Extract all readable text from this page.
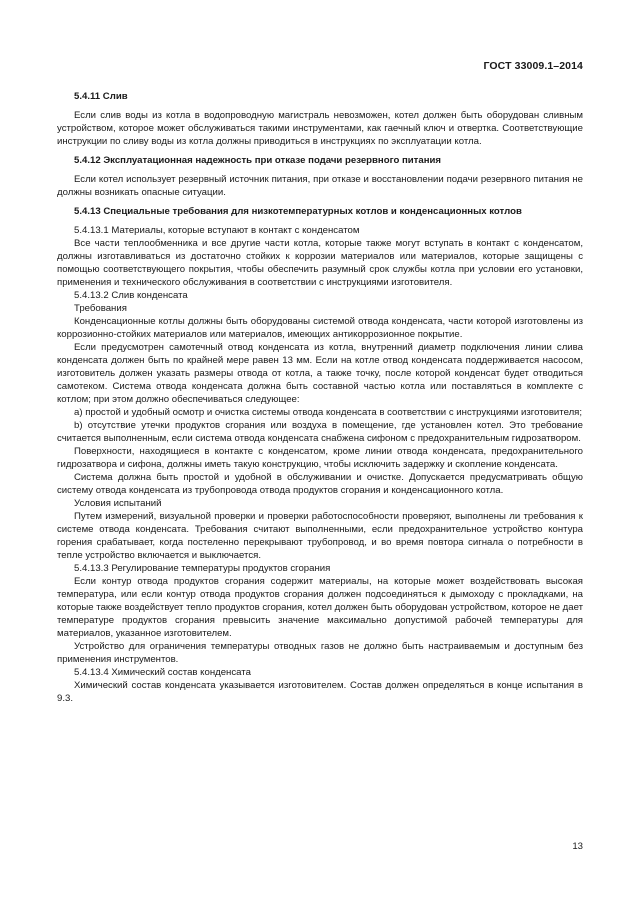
ГОСТ 33009.1–2014
5.4.11 Слив

Если слив воды из котла в водопроводную магистраль невозможен, котел должен быть оборудован сливным устройством, которое может обслуживаться такими инструментами, как гаечный ключ и отвертка. Соответствующие инструкции по сливу воды из котла должны приводиться в инструкциях по эксплуатации котла.

5.4.12 Эксплуатационная надежность при отказе подачи резервного питания

Если котел использует резервный источник питания, при отказе и восстановлении подачи резервного питания не должны возникать опасные ситуации.

5.4.13 Специальные требования для низкотемпературных котлов и конденсационных котлов

5.4.13.1 Материалы, которые вступают в контакт с конденсатом

Все части теплообменника и все другие части котла, которые также могут вступать в контакт с конденсатом, должны изготавливаться из достаточно стойких к коррозии материалов или материалов, которые защищены с помощью соответствующего покрытия, чтобы обеспечить разумный срок службы котла при условии его установки, применения и технического обслуживания в соответствии с инструкциями изготовителя.

5.4.13.2 Слив конденсата

Требования

Конденсационные котлы должны быть оборудованы системой отвода конденсата, части которой изготовлены из коррозионно-стойких материалов или материалов, имеющих антикоррозионное покрытие.

Если предусмотрен самотечный отвод конденсата из котла, внутренний диаметр подключения линии слива конденсата должен быть по крайней мере равен 13 мм. Если на котле отвод конденсата поддерживается насосом, изготовитель должен указать размеры отвода от котла, а также точку, после которой конденсат будет отводиться самотеком. Система отвода конденсата должна быть составной частью котла или поставляться в комплекте с котлом; при этом должно обеспечиваться следующее:

a) простой и удобный осмотр и очистка системы отвода конденсата в соответствии с инструкциями изготовителя;

b) отсутствие утечки продуктов сгорания или воздуха в помещение, где установлен котел. Это требование считается выполненным, если система отвода конденсата снабжена сифоном с предохранительным гидрозатвором.

Поверхности, находящиеся в контакте с конденсатом, кроме линии отвода конденсата, предохранительного гидрозатвора и сифона, должны иметь такую конструкцию, чтобы исключить задержку и скопление конденсата.

Система должна быть простой и удобной в обслуживании и очистке. Допускается предусматривать общую систему отвода конденсата из трубопровода отвода продуктов сгорания и конденсационного котла.

Условия испытаний

Путем измерений, визуальной проверки и проверки работоспособности проверяют, выполнены ли требования к системе отвода конденсата. Требования считают выполненными, если предохранительное устройство контура горения срабатывает, когда постеленно перекрывают трубопровод, и во время повтора сигнала о потребности в тепле устройство включается и выключается.

5.4.13.3 Регулирование температуры продуктов сгорания

Если контур отвода продуктов сгорания содержит материалы, на которые может воздействовать высокая температура, или если контур отвода продуктов сгорания должен подсоединяться к дымоходу с прокладками, на которые также воздействует тепло продуктов сгорания, котел должен быть оборудован устройством, которое не дает температуре продуктов сгорания превысить значение максимально допустимой рабочей температуры для материалов, указанное изготовителем.

Устройство для ограничения температуры отводных газов не должно быть настраиваемым и доступным без применения инструментов.

5.4.13.4 Химический состав конденсата

Химический состав конденсата указывается изготовителем. Состав должен определяться в конце испытания в 9.3.

13
